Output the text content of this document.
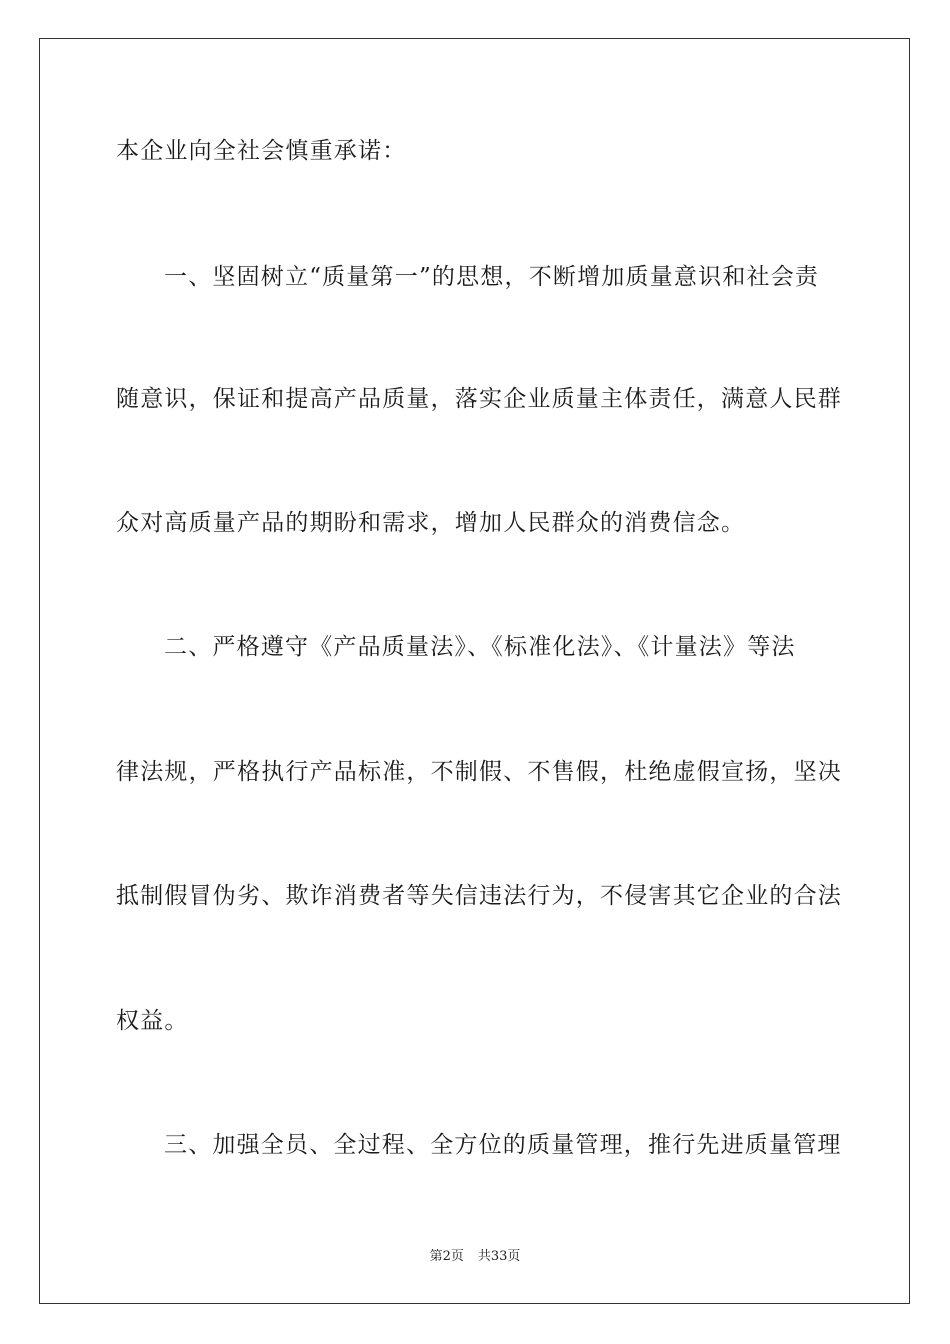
本企业向全社会慎重承诺：
一、坚固树立“质量第一”的思想，不断增加质量意识和社会责
随意识，保证和提高产品质量，落实企业质量主体责任，满意人民群
众对高质量产品的期盼和需求，增加人民群众的消费信念。
二、严格遵守《产品质量法》、《标准化法》、《计量法》等法
律法规，严格执行产品标准，不制假、不售假，杜绝虚假宣扬，坚决
抵制假冒伪劣、欺诈消费者等失信违法行为，不侵害其它企业的合法
权益。
三、加强全员、全过程、全方位的质量管理，推行先进质量管理
第2页 共33页
